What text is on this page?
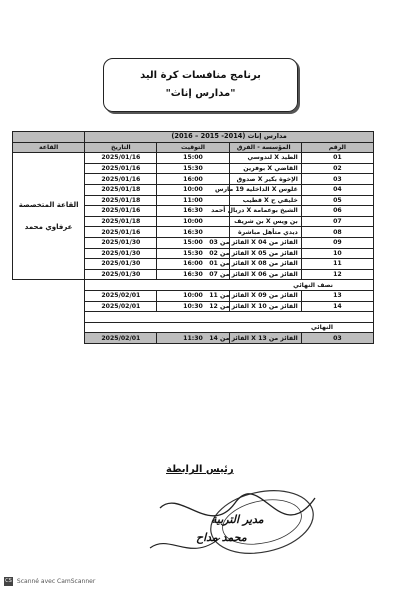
برنامج منافسات كرة اليد
"مدارس إناث"
مدارس إناث (2014- 2015 – 2016)				
الرقم	المؤسسة - الفرق	التوقيت	التاريخ	القاعة
01	الطيد X لندوسي	15:00	2025/01/16	القاعة المتخصصة
عرفاوي محمد

02	القاضي X بوفرين	15:30	2025/01/16	
03	الإخوة بكير X صدوق	16:00	2025/01/16	
04	غلوس X الداخلية 19 مارس	10:00	2025/01/18	
05	خليفي ح X قطيب	11:00	2025/01/18	
06	الشيخ بوعمامة X دربال أحمد	16:30	2025/01/16	
07	بن ويس X بن شريف	10:00	2025/01/18	
08	ديدي متأهل مباشرة	16:30	2025/01/16	
09	الفائز من 04 X الفائز من 03	15:00	2025/01/30	
10	الفائز من 05 X الفائز من 02	15:30	2025/01/30	
11	الفائز من 08 X الفائز من 01	16:00	2025/01/30	
12	الفائز من 06 X الفائز من 07	16:30	2025/01/30	
نصف النهائي				
13	الفائز من 09 X الفائز من 11	10:00	2025/02/01	
14	الفائز من 10 X الفائز من 12	10:30	2025/02/01	

النهائي				
03	الفائز من 13 X الفائز من 14	11:30	2025/02/01	
رئيس الرابطة
مدير التربية
محمد مداح
CS Scanné avec CamScanner
